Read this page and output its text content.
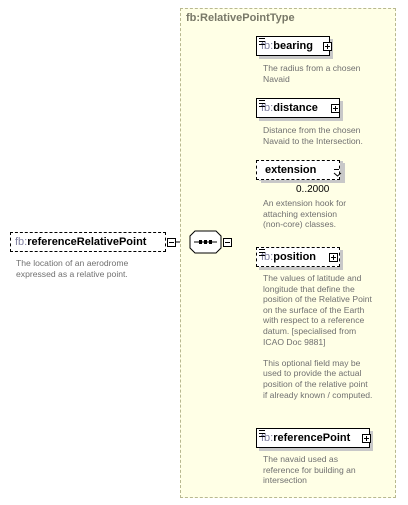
fb:RelativePointType
fb:referenceRelativePoint
The location of an aerodrome
expressed as a relative point.
fb:bearing
The radius from a chosen
Navaid
fb:distance
Distance from the chosen
Navaid to the Intersection.
extension
0..2000
An extension hook for
attaching extension
(non-core) classes.
fb:position
The values of latitude and
longitude that define the
position of the Relative Point
on the surface of the Earth
with respect to a reference
datum. [specialised from
ICAO Doc 9881]

This optional field may be
used to provide the actual
position of the relative point
if already known / computed.
fb:referencePoint
The navaid used as
reference for building an
intersection
